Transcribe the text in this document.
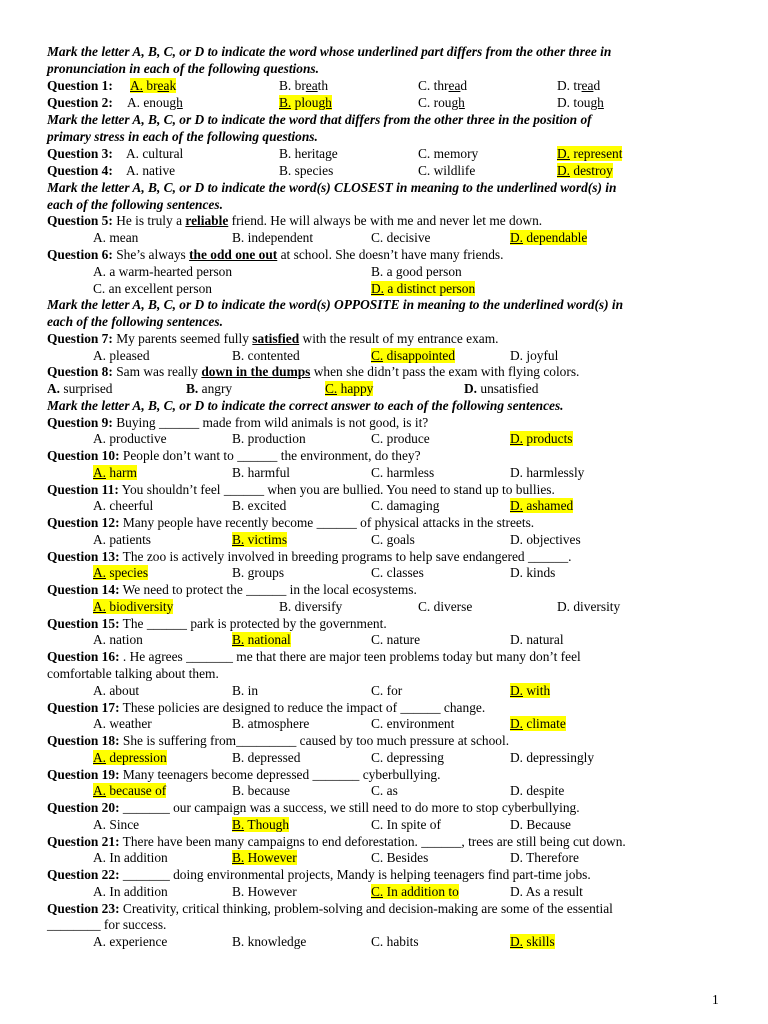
Mark the letter A, B, C, or D to indicate the word whose underlined part differs from the other three in
pronunciation in each of the following questions.
Question 1: A. break	B. breath	C. thread	D. tread
Question 2: A. enough	B. plough	C. rough	D. tough
Mark the letter A, B, C, or D to indicate the word that differs from the other three in the position of
primary stress in each of the following questions.
Question 3: A. cultural	B. heritage	C. memory	D. represent
Question 4: A. native	B. species	C. wildlife	D. destroy
Mark the letter A, B, C, or D to indicate the word(s) CLOSEST in meaning to the underlined word(s) in
each of the following sentences.
Question 5: He is truly a reliable friend. He will always be with me and never let me down.
A. mean	B. independent	C. decisive	D. dependable
Question 6: She’s always the odd one out at school. She doesn’t have many friends.
A. a warm-hearted person	B. a good person
C. an excellent person	D. a distinct person
Mark the letter A, B, C, or D to indicate the word(s) OPPOSITE in meaning to the underlined word(s) in
each of the following sentences.
Question 7: My parents seemed fully satisfied with the result of my entrance exam.
A. pleased	B. contented	C. disappointed	D. joyful
Question 8: Sam was really down in the dumps when she didn’t pass the exam with flying colors.
A. surprised	B. angry	C. happy	D. unsatisfied
Mark the letter A, B, C, or D to indicate the correct answer to each of the following sentences.
Question 9: Buying ______ made from wild animals is not good, is it?
A. productive	B. production	C. produce	D. products
Question 10: People don’t want to ______ the environment, do they?
A. harm	B. harmful	C. harmless	D. harmlessly
Question 11: You shouldn’t feel ______ when you are bullied. You need to stand up to bullies.
A. cheerful	B. excited	C. damaging	D. ashamed
Question 12: Many people have recently become ______ of physical attacks in the streets.
A. patients	B. victims	C. goals	D. objectives
Question 13: The zoo is actively involved in breeding programs to help save endangered ______.
A. species	B. groups	C. classes	D. kinds
Question 14: We need to protect the ______ in the local ecosystems.
A. biodiversity	B. diversify	C. diverse	D. diversity
Question 15: The ______ park is protected by the government.
A. nation	B. national	C. nature	D. natural
Question 16: . He agrees _______ me that there are major teen problems today but many don’t feel
comfortable talking about them.
A. about	B. in	C. for	D. with
Question 17: These policies are designed to reduce the impact of ______ change.
A. weather	B. atmosphere	C. environment	D. climate
Question 18: She is suffering from_________ caused by too much pressure at school.
A. depression	B. depressed	C. depressing	D. depressingly
Question 19: Many teenagers become depressed _______ cyberbullying.
A. because of	B. because	C. as	D. despite
Question 20: _______ our campaign was a success, we still need to do more to stop cyberbullying.
A. Since	B. Though	C. In spite of	D. Because
Question 21: There have been many campaigns to end deforestation. ______, trees are still being cut down.
A. In addition	B. However	C. Besides	D. Therefore
Question 22: _______ doing environmental projects, Mandy is helping teenagers find part-time jobs.
A. In addition	B. However	C. In addition to	D. As a result
Question 23: Creativity, critical thinking, problem-solving and decision-making are some of the essential
________ for success.
A. experience	B. knowledge	C. habits	D. skills
1
